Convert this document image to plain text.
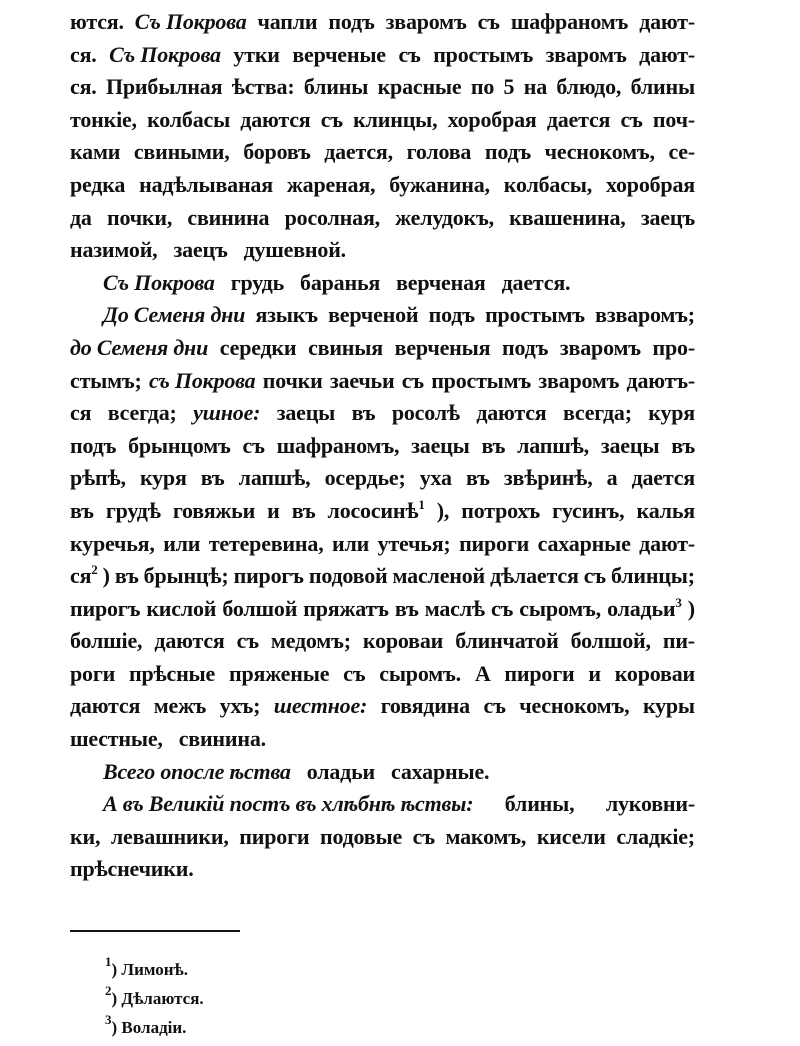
ются. Съ Покрова чапли подъ зваромъ съ шафраномъ дают-
ся. Съ Покрова утки верченые съ простымъ зваромъ дают-
ся. Прибылная ѣства: блины красные по 5 на блюдо, блины
тонкіе, колбасы даются съ клинцы, хоробрая дается съ поч-
ками свиными, боровъ дается, голова подъ чеснокомъ, се-
редка надѣлываная жареная, бужанина, колбасы, хоробрая
да почки, свинина росолная, желудокъ, квашенина, заецъ
назимой, заецъ душевной.
Съ Покрова грудь баранья верченая дается.
До Семеня дни языкъ верченой подъ простымъ взваромъ;
до Семеня дни середки свиныя верченыя подъ зваромъ про-
стымъ; съ Покрова почки заечьи съ простымъ зваромъ даютъ-
ся всегда; ушное: заецы въ росолѣ даются всегда; куря
подъ брынцомъ съ шафраномъ, заецы въ лапшѣ, заецы въ
рѣпѣ, куря въ лапшѣ, осердье; уха въ звѣринѣ, а дается
въ грудѣ говяжьи и въ лососинѣ$^1$ ), потрохъ гусинъ, калья
куречья, или тетеревина, или утечья; пироги сахарные дают-
$ся^2$ ) въ брынцѣ; пирогъ подовой масленой дѣлается съ блинцы;
пирогъ кислой болшой пряжатъ въ маслѣ съ сыромъ, оладьи$^3$ )
болшіе, даются съ медомъ; короваи блинчатой болшой, пи-
роги прѣсные пряженые съ сыромъ. А пироги и короваи
даются межъ ухъ; шестное: говядина съ чеснокомъ, куры
шестные, свинина.
Всего опосле ѣства оладьи сахарные.
А въ Великій постъ въ хлѣбнѣ ѣствы: блины, луковни-
ки, левашники, пироги подовые съ макомъ, кисели сладкіе;
прѣснечики.
$^1$) Лимонѣ.
$^2$) Дѣлаются.
$^3$) Воладіи.
